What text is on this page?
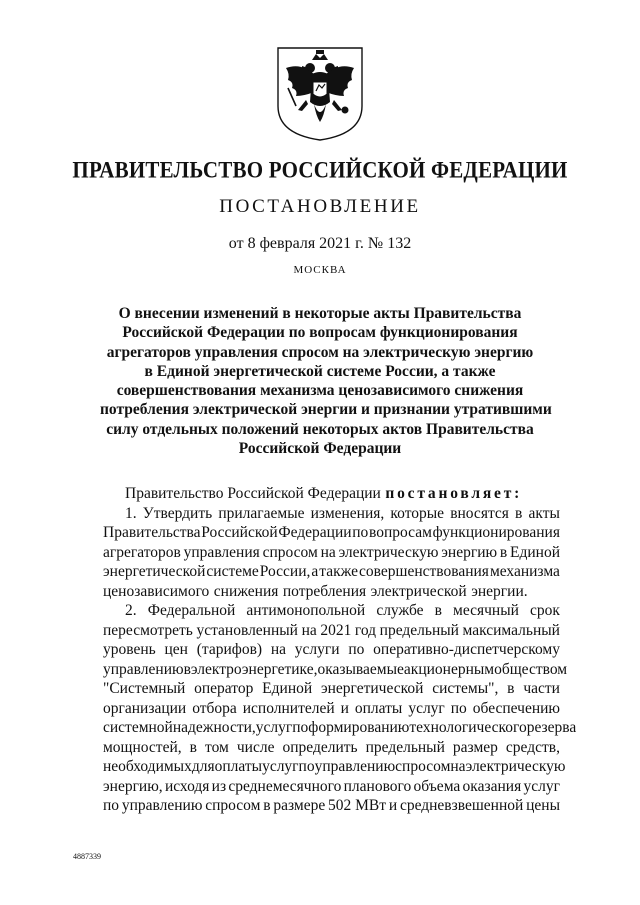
ПРАВИТЕЛЬСТВО РОССИЙСКОЙ ФЕДЕРАЦИИ
ПОСТАНОВЛЕНИЕ
от 8 февраля 2021 г. № 132
МОСКВА
О внесении изменений в некоторые акты Правительства
Российской Федерации по вопросам функционирования
агрегаторов управления спросом на электрическую энергию
в Единой энергетической системе России, а также
совершенствования механизма ценозависимого снижения
потребления электрической энергии и признании утратившими
силу отдельных положений некоторых актов Правительства
Российской Федерации
Правительство Российской Федерации постановляет:
1. Утвердить прилагаемые изменения, которые вносятся в акты
Правительства Российской Федерации по вопросам функционирования
агрегаторов управления спросом на электрическую энергию в Единой
энергетической системе России, а также совершенствования механизма
ценозависимого снижения потребления электрической энергии.
2. Федеральной антимонопольной службе в месячный срок
пересмотреть установленный на 2021 год предельный максимальный
уровень цен (тарифов) на услуги по оперативно-диспетчерскому
управлению в электроэнергетике, оказываемые акционерным обществом
"Системный оператор Единой энергетической системы", в части
организации отбора исполнителей и оплаты услуг по обеспечению
системной надежности, услуг по формированию технологического резерва
мощностей, в том числе определить предельный размер средств,
необходимых для оплаты услуг по управлению спросом на электрическую
энергию, исходя из среднемесячного планового объема оказания услуг
по управлению спросом в размере 502 МВт и средневзвешенной цены
4887339
